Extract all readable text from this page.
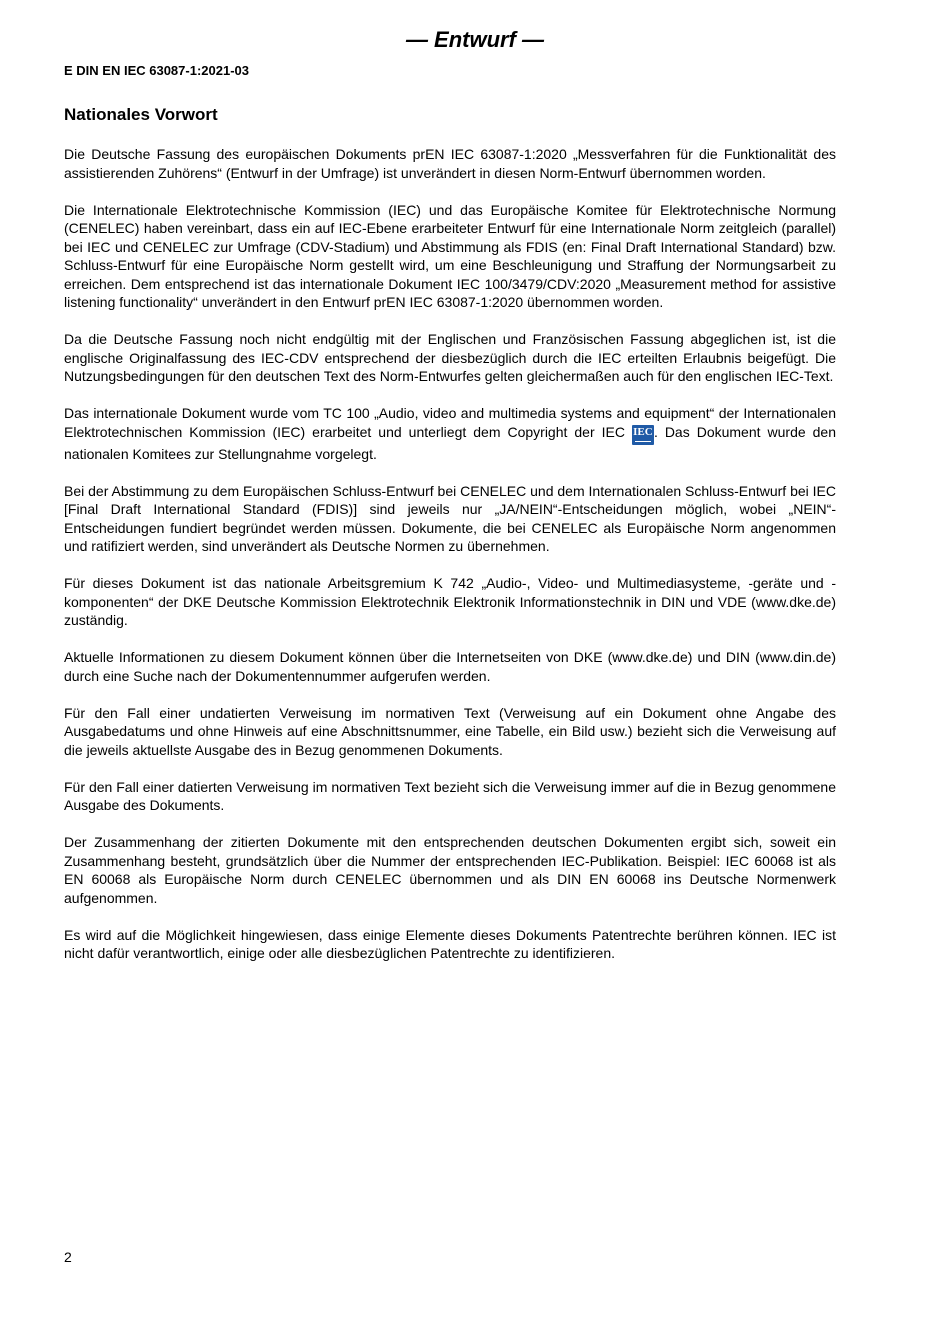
— Entwurf —
E DIN EN IEC 63087-1:2021-03
Nationales Vorwort

Die Deutsche Fassung des europäischen Dokuments prEN IEC 63087-1:2020 „Messverfahren für die Funktionalität des assistierenden Zuhörens“ (Entwurf in der Umfrage) ist unverändert in diesen Norm-Entwurf übernommen worden.

Die Internationale Elektrotechnische Kommission (IEC) und das Europäische Komitee für Elektrotechnische Normung (CENELEC) haben vereinbart, dass ein auf IEC-Ebene erarbeiteter Entwurf für eine Internationale Norm zeitgleich (parallel) bei IEC und CENELEC zur Umfrage (CDV-Stadium) und Abstimmung als FDIS (en: Final Draft International Standard) bzw. Schluss-Entwurf für eine Europäische Norm gestellt wird, um eine Beschleunigung und Straffung der Normungsarbeit zu erreichen. Dem entsprechend ist das internationale Dokument IEC 100/3479/CDV:2020 „Measurement method for assistive listening functionality“ unverändert in den Entwurf prEN IEC 63087-1:2020 übernommen worden.

Da die Deutsche Fassung noch nicht endgültig mit der Englischen und Französischen Fassung abgeglichen ist, ist die englische Originalfassung des IEC-CDV entsprechend der diesbezüglich durch die IEC erteilten Erlaubnis beigefügt. Die Nutzungsbedingungen für den deutschen Text des Norm-Entwurfes gelten gleichermaßen auch für den englischen IEC-Text.

Das internationale Dokument wurde vom TC 100 „Audio, video and multimedia systems and equipment“ der Internationalen Elektrotechnischen Kommission (IEC) erarbeitet und unterliegt dem Copyright der IEC IEC. Das Dokument wurde den nationalen Komitees zur Stellungnahme vorgelegt.

Bei der Abstimmung zu dem Europäischen Schluss-Entwurf bei CENELEC und dem Internationalen Schluss-Entwurf bei IEC [Final Draft International Standard (FDIS)] sind jeweils nur „JA/NEIN“-Entscheidungen möglich, wobei „NEIN“-Entscheidungen fundiert begründet werden müssen. Dokumente, die bei CENELEC als Europäische Norm angenommen und ratifiziert werden, sind unverändert als Deutsche Normen zu übernehmen.

Für dieses Dokument ist das nationale Arbeitsgremium K 742 „Audio-, Video- und Multimediasysteme, -geräte und -komponenten“ der DKE Deutsche Kommission Elektrotechnik Elektronik Informationstechnik in DIN und VDE (www.dke.de) zuständig.

Aktuelle Informationen zu diesem Dokument können über die Internetseiten von DKE (www.dke.de) und DIN (www.din.de) durch eine Suche nach der Dokumentennummer aufgerufen werden.

Für den Fall einer undatierten Verweisung im normativen Text (Verweisung auf ein Dokument ohne Angabe des Ausgabedatums und ohne Hinweis auf eine Abschnittsnummer, eine Tabelle, ein Bild usw.) bezieht sich die Verweisung auf die jeweils aktuellste Ausgabe des in Bezug genommenen Dokuments.

Für den Fall einer datierten Verweisung im normativen Text bezieht sich die Verweisung immer auf die in Bezug genommene Ausgabe des Dokuments.

Der Zusammenhang der zitierten Dokumente mit den entsprechenden deutschen Dokumenten ergibt sich, soweit ein Zusammenhang besteht, grundsätzlich über die Nummer der entsprechenden IEC-Publikation. Beispiel: IEC 60068 ist als EN 60068 als Europäische Norm durch CENELEC übernommen und als DIN EN 60068 ins Deutsche Normenwerk aufgenommen.

Es wird auf die Möglichkeit hingewiesen, dass einige Elemente dieses Dokuments Patentrechte berühren können. IEC ist nicht dafür verantwortlich, einige oder alle diesbezüglichen Patentrechte zu identifizieren.

2
